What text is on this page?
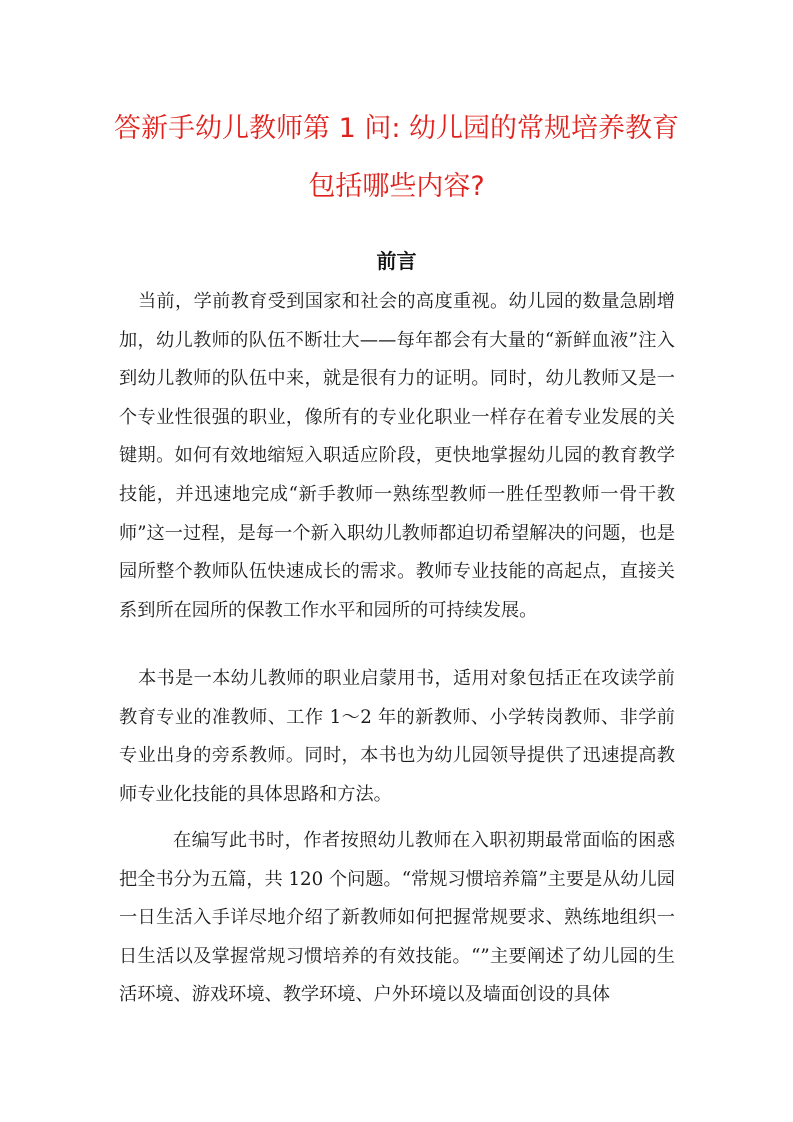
答新手幼儿教师第 1 问: 幼儿园的常规培养教育
包括哪些内容?
前言

当前，学前教育受到国家和社会的高度重视。幼儿园的数量急剧增加，幼儿教师的队伍不断壮大——每年都会有大量的“新鲜血液”注入到幼儿教师的队伍中来，就是很有力的证明。同时，幼儿教师又是一个专业性很强的职业，像所有的专业化职业一样存在着专业发展的关键期。如何有效地缩短入职适应阶段，更快地掌握幼儿园的教育教学技能，并迅速地完成“新手教师一熟练型教师一胜任型教师一骨干教师”这一过程，是每一个新入职幼儿教师都迫切希望解决的问题，也是园所整个教师队伍快速成长的需求。教师专业技能的高起点，直接关系到所在园所的保教工作水平和园所的可持续发展。

本书是一本幼儿教师的职业启蒙用书，适用对象包括正在攻读学前教育专业的准教师、工作 1～2 年的新教师、小学转岗教师、非学前专业出身的旁系教师。同时，本书也为幼儿园领导提供了迅速提高教师专业化技能的具体思路和方法。

在编写此书时，作者按照幼儿教师在入职初期最常面临的困惑把全书分为五篇，共 120 个问题。“常规习惯培养篇”主要是从幼儿园一日生活入手详尽地介绍了新教师如何把握常规要求、熟练地组织一日生活以及掌握常规习惯培养的有效技能。“”主要阐述了幼儿园的生活环境、游戏环境、教学环境、户外环境以及墙面创设的具体
